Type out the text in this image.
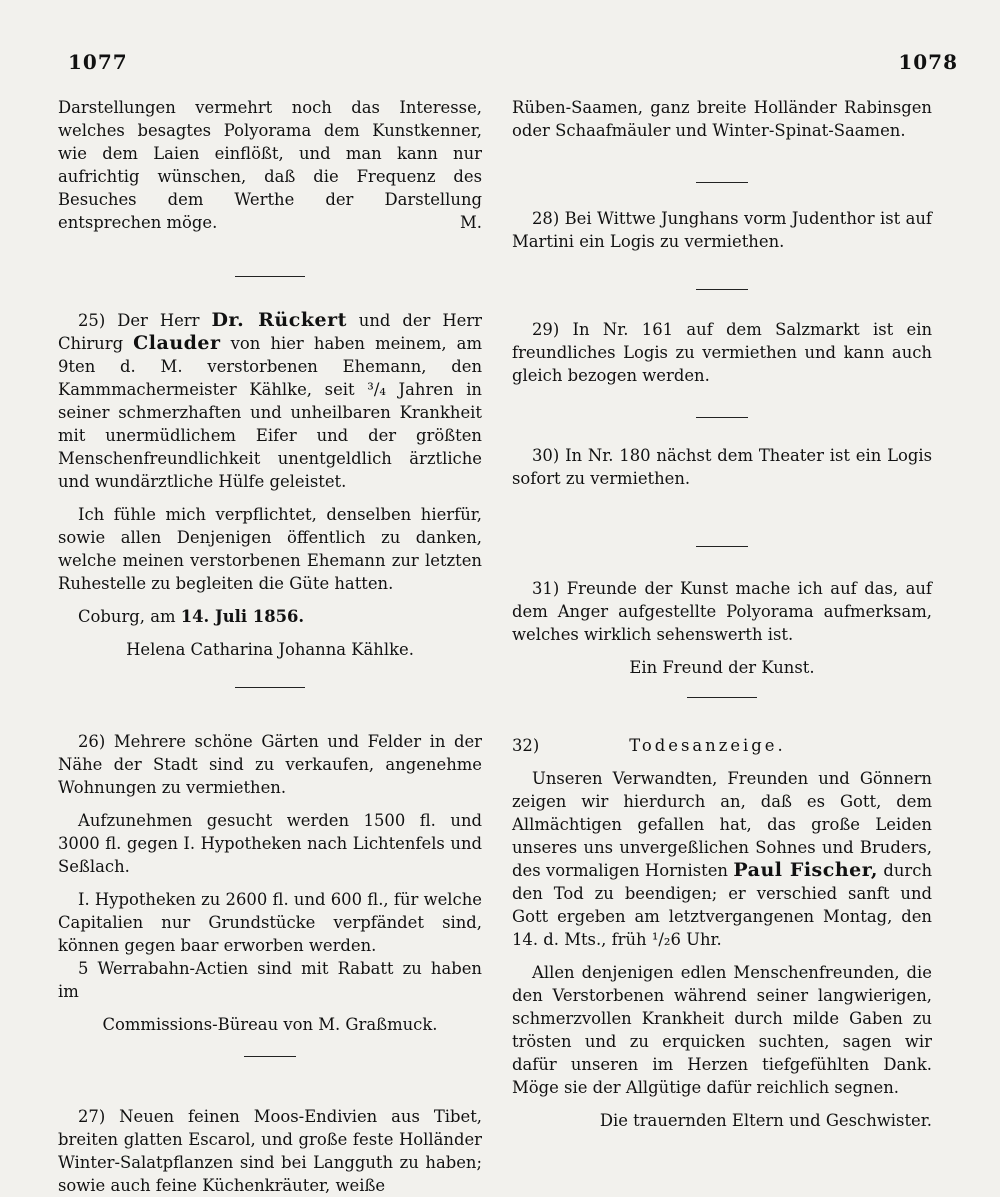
1077	1078

Darstellungen vermehrt noch das Interesse, welches besagtes Polyorama dem Kunstkenner, wie dem Laien einflößt, und man kann nur aufrichtig wünschen, daß die Frequenz des Besuches dem Werthe der Darstellung entsprechen möge.	M.

25) Der Herr Dr. Rückert und der Herr Chirurg Clauder von hier haben meinem, am 9ten d. M. verstorbenen Ehemann, den Kammmachermeister Kählke, seit ³/₄ Jahren in seiner schmerzhaften und unheilbaren Krankheit mit unermüdlichem Eifer und der größten Menschenfreundlichkeit unentgeldlich ärztliche und wundärztliche Hülfe geleistet.

Ich fühle mich verpflichtet, denselben hierfür, sowie allen Denjenigen öffentlich zu danken, welche meinen verstorbenen Ehemann zur letzten Ruhestelle zu begleiten die Güte hatten.

Coburg, am 14. Juli 1856.

Helena Catharina Johanna Kählke.

26) Mehrere schöne Gärten und Felder in der Nähe der Stadt sind zu verkaufen, angenehme Wohnungen zu vermiethen.

Aufzunehmen gesucht werden 1500 fl. und 3000 fl. gegen I. Hypotheken nach Lichtenfels und Seßlach.

I. Hypotheken zu 2600 fl. und 600 fl., für welche Capitalien nur Grundstücke verpfändet sind, können gegen baar erworben werden.

5 Werrabahn-Actien sind mit Rabatt zu haben im

Commissions-Büreau von M. Graßmuck.

27) Neuen feinen Moos-Endivien aus Tibet, breiten glatten Escarol, und große feste Holländer Winter-Salatpflanzen sind bei Langguth zu haben; sowie auch feine Küchenkräuter, weiße

Rüben-Saamen, ganz breite Holländer Rabinsgen oder Schaafmäuler und Winter-Spinat-Saamen.

28) Bei Wittwe Junghans vorm Judenthor ist auf Martini ein Logis zu vermiethen.

29) In Nr. 161 auf dem Salzmarkt ist ein freundliches Logis zu vermiethen und kann auch gleich bezogen werden.

30) In Nr. 180 nächst dem Theater ist ein Logis sofort zu vermiethen.

31) Freunde der Kunst mache ich auf das, auf dem Anger aufgestellte Polyorama aufmerksam, welches wirklich sehenswerth ist.

Ein Freund der Kunst.

32)	Todesanzeige.

Unseren Verwandten, Freunden und Gönnern zeigen wir hierdurch an, daß es Gott, dem Allmächtigen gefallen hat, das große Leiden unseres uns unvergeßlichen Sohnes und Bruders, des vormaligen Hornisten Paul Fischer, durch den Tod zu beendigen; er verschied sanft und Gott ergeben am letztvergangenen Montag, den 14. d. Mts., früh ¹/₂6 Uhr.

Allen denjenigen edlen Menschenfreunden, die den Verstorbenen während seiner langwierigen, schmerzvollen Krankheit durch milde Gaben zu trösten und zu erquicken suchten, sagen wir dafür unseren im Herzen tiefgefühlten Dank. Möge sie der Allgütige dafür reichlich segnen.

Die trauernden Eltern und Geschwister.
